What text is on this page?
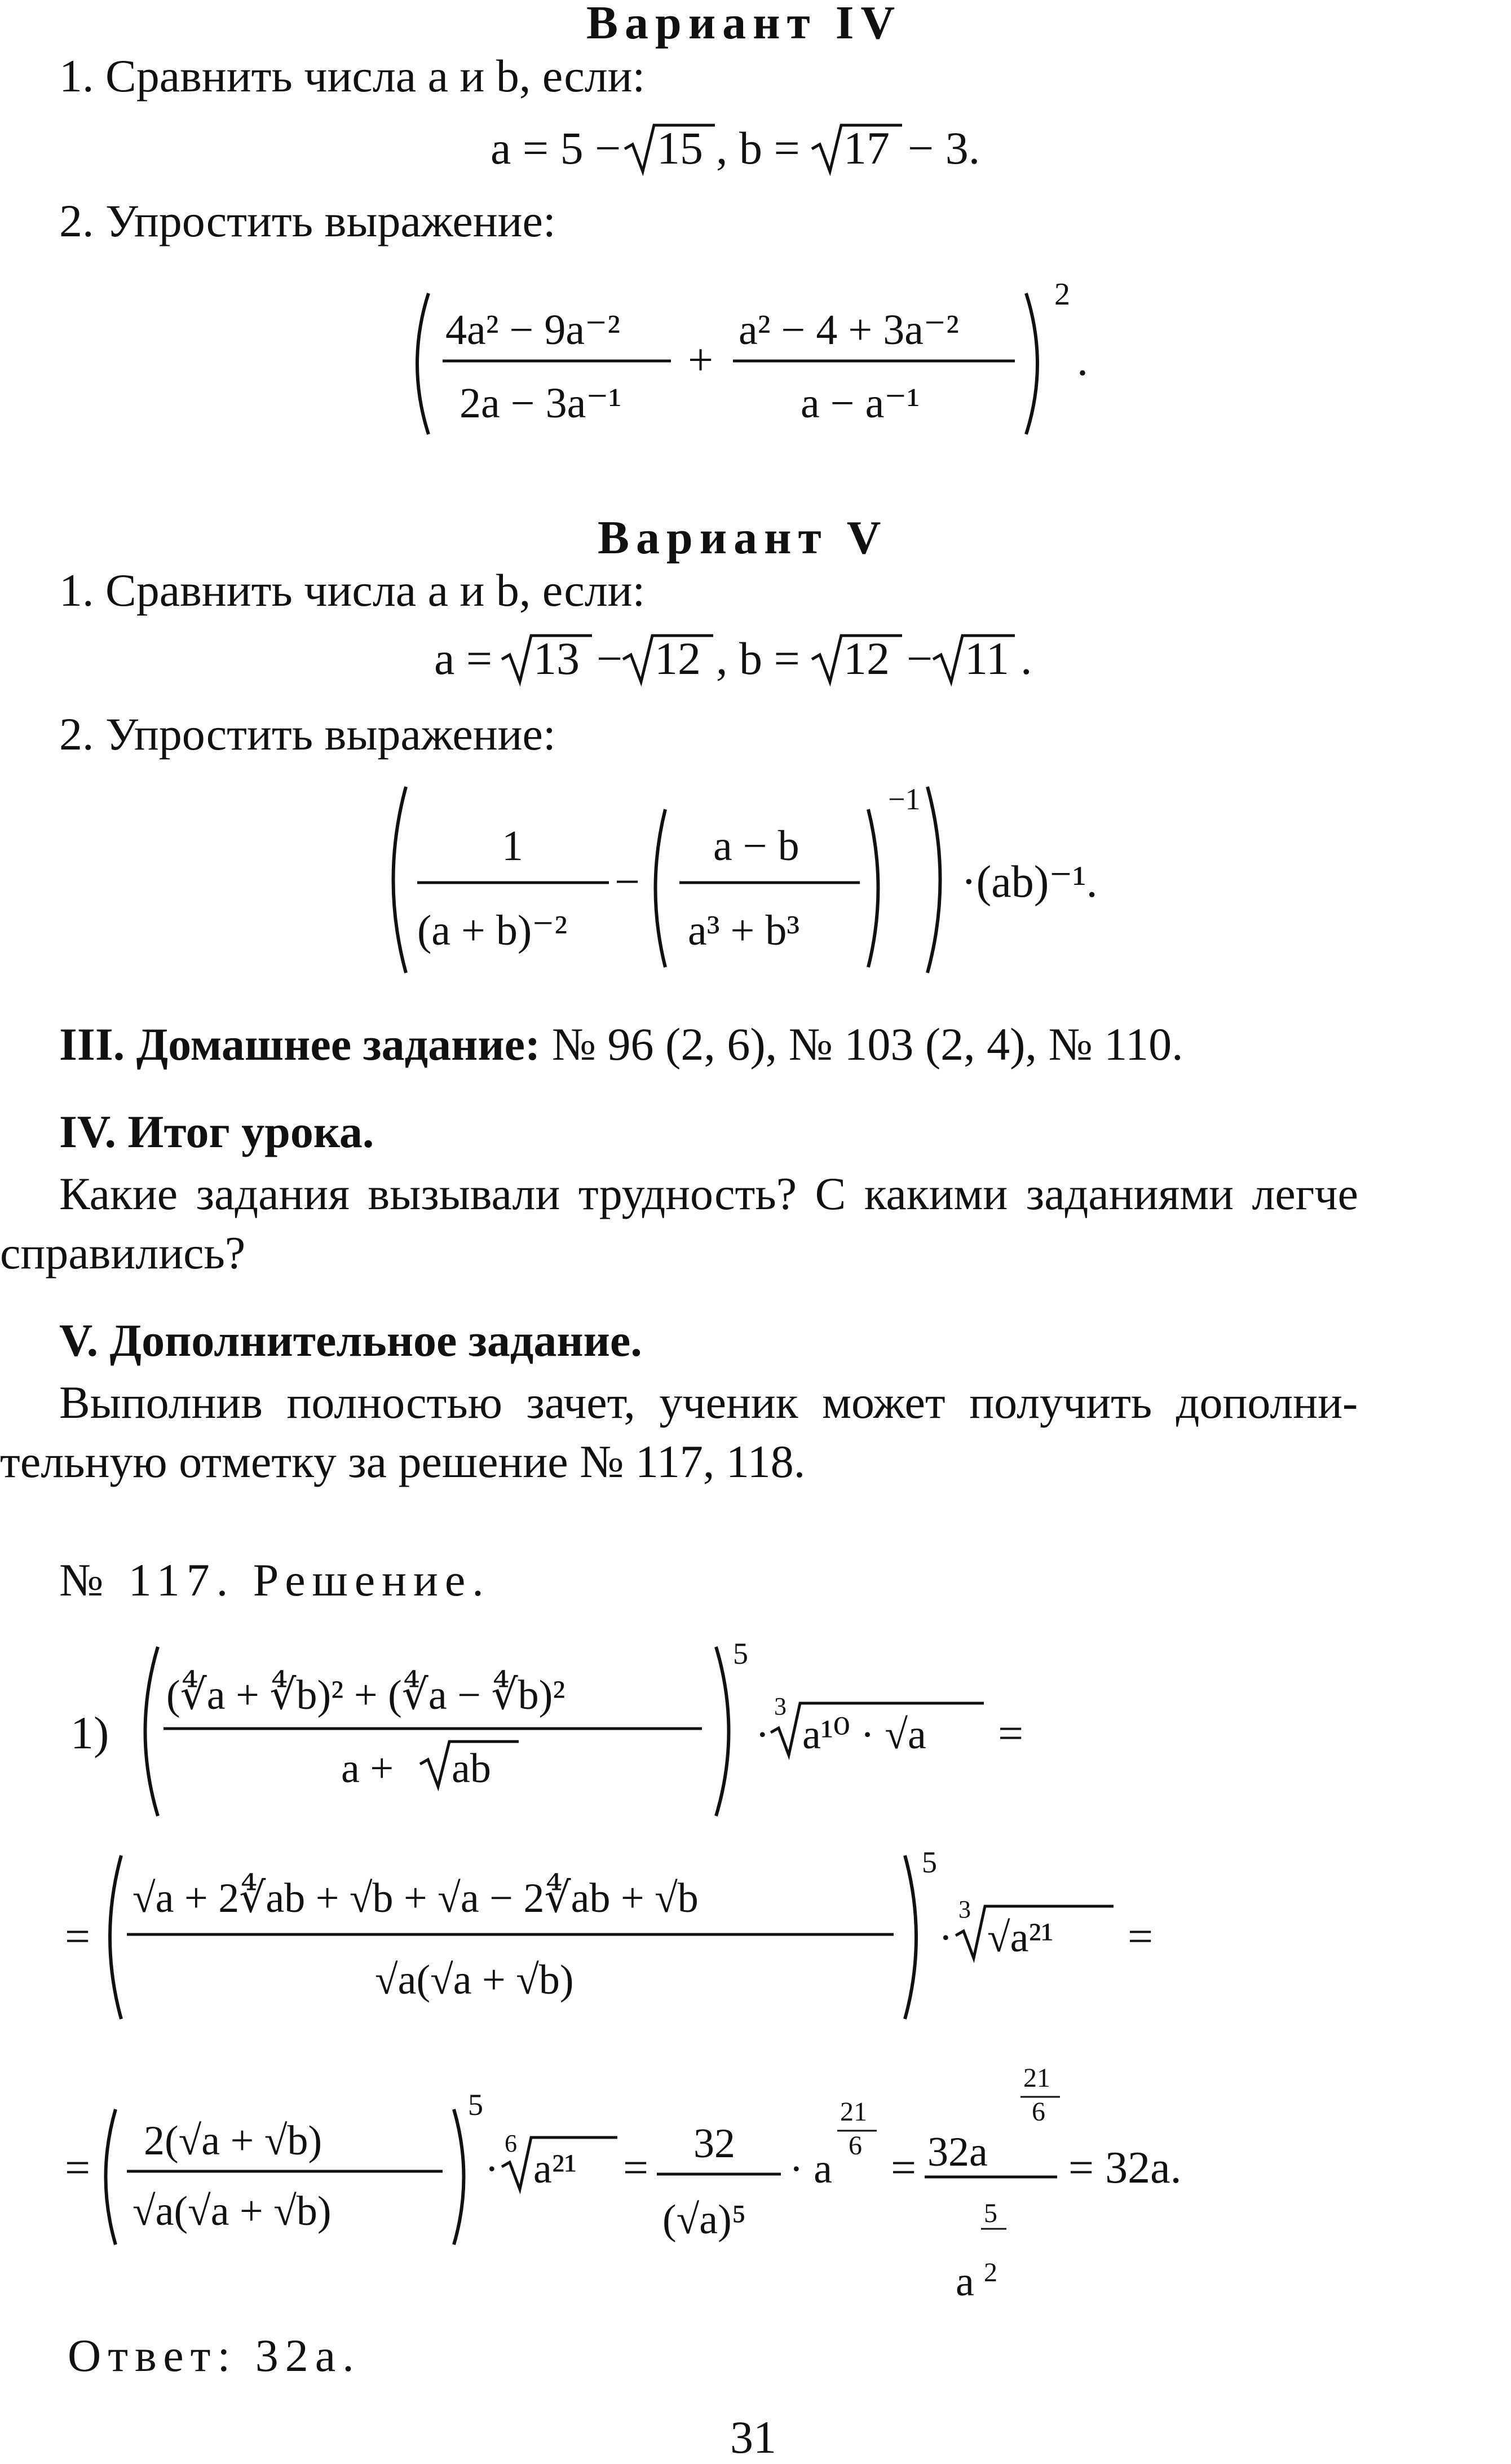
Вариант IV
1. Сравнить числа a и b, если:
a = 5 − 15 , b = 17 − 3.
2. Упростить выражение:
4a² − 9a⁻²
2a − 3a⁻¹
+
a² − 4 + 3a⁻²
a − a⁻¹
2
.
Вариант V
1. Сравнить числа a и b, если:
a = 13 − 12 , b = 12 − 11 .
2. Упростить выражение:
1
(a + b)⁻²
−
a − b
a³ + b³
−1
·(ab)⁻¹.
III. Домашнее задание: № 96 (2, 6), № 103 (2, 4), № 110.
IV. Итог урока.
Какие задания вызывали трудность? С какими заданиями легче
справились?
V. Дополнительное задание.
Выполнив полностью зачет, ученик может получить дополни-
тельную отметку за решение № 117, 118.
№ 117. Решение.
1)
(∜a + ∜b)² + (∜a − ∜b)²
a + ab
5
·
3
a¹⁰ · √a =
=
√a + 2∜ab + √b + √a − 2∜ab + √b
√a(√a + √b)
5
·
3
√a²¹ =
=
2(√a + √b)
√a(√a + √b)
5
·
6
a²¹ = 32
(√a)⁵
· a
21
6 = 32a
21
6
5
a 2
= 32a.
Ответ: 32a.
31
